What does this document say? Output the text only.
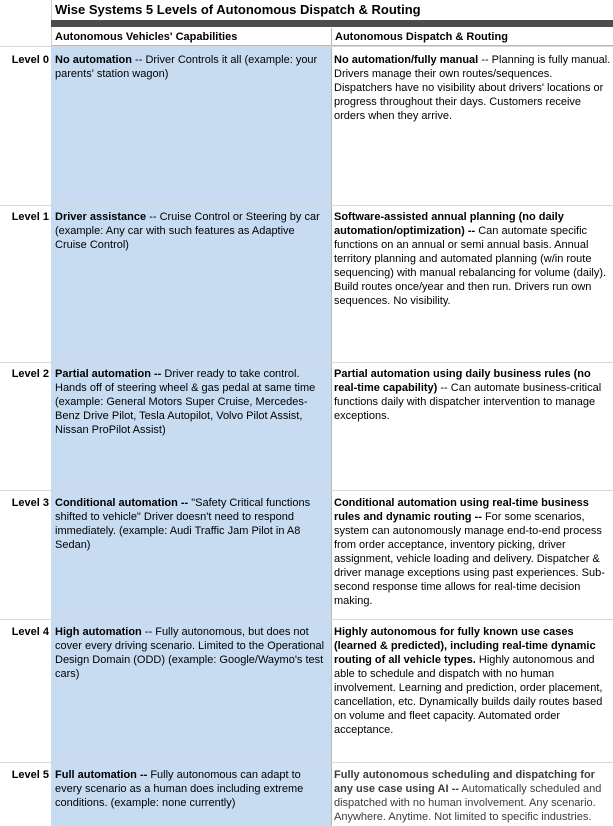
Wise Systems 5 Levels of Autonomous Dispatch & Routing
Autonomous Vehicles' Capabilities	Autonomous Dispatch & Routing
Level 0 No automation -- Driver Controls it all (example: your parents' station wagon)
No automation/fully manual -- Planning is fully manual. Drivers manage their own routes/sequences. Dispatchers have no visibility about drivers' locations or progress throughout their days. Customers receive orders when they arrive.
Level 1 Driver assistance -- Cruise Control or Steering by car (example: Any car with such features as Adaptive Cruise Control)
Software-assisted annual planning (no daily automation/optimization) -- Can automate specific functions on an annual or semi annual basis. Annual territory planning and automated planning (w/in route sequencing) with manual rebalancing for volume (daily). Build routes once/year and then run. Drivers run own sequences. No visibility.
Level 2 Partial automation -- Driver ready to take control. Hands off of steering wheel & gas pedal at same time (example: General Motors Super Cruise, Mercedes-Benz Drive Pilot, Tesla Autopilot, Volvo Pilot Assist, Nissan ProPilot Assist)
Partial automation using daily business rules (no real-time capability) -- Can automate business-critical functions daily with dispatcher intervention to manage exceptions.
Level 3 Conditional automation -- "Safety Critical functions shifted to vehicle" Driver doesn't need to respond immediately. (example: Audi Traffic Jam Pilot in A8 Sedan)
Conditional automation using real-time business rules and dynamic routing -- For some scenarios, system can autonomously manage end-to-end process from order acceptance, inventory picking, driver assignment, vehicle loading and delivery. Dispatcher & driver manage exceptions using past experiences. Sub-second response time allows for real-time decision making.
Level 4 High automation -- Fully autonomous, but does not cover every driving scenario. Limited to the Operational Design Domain (ODD) (example: Google/Waymo's test cars)
Highly autonomous for fully known use cases (learned & predicted), including real-time dynamic routing of all vehicle types. Highly autonomous and able to schedule and dispatch with no human involvement. Learning and prediction, order placement, cancellation, etc. Dynamically builds daily routes based on volume and fleet capacity. Automated order acceptance.
Level 5 Full automation -- Fully autonomous can adapt to every scenario as a human does including extreme conditions. (example: none currently)
Fully autonomous scheduling and dispatching for any use case using AI -- Automatically scheduled and dispatched with no human involvement. Any scenario. Anywhere. Anytime. Not limited to specific industries.
